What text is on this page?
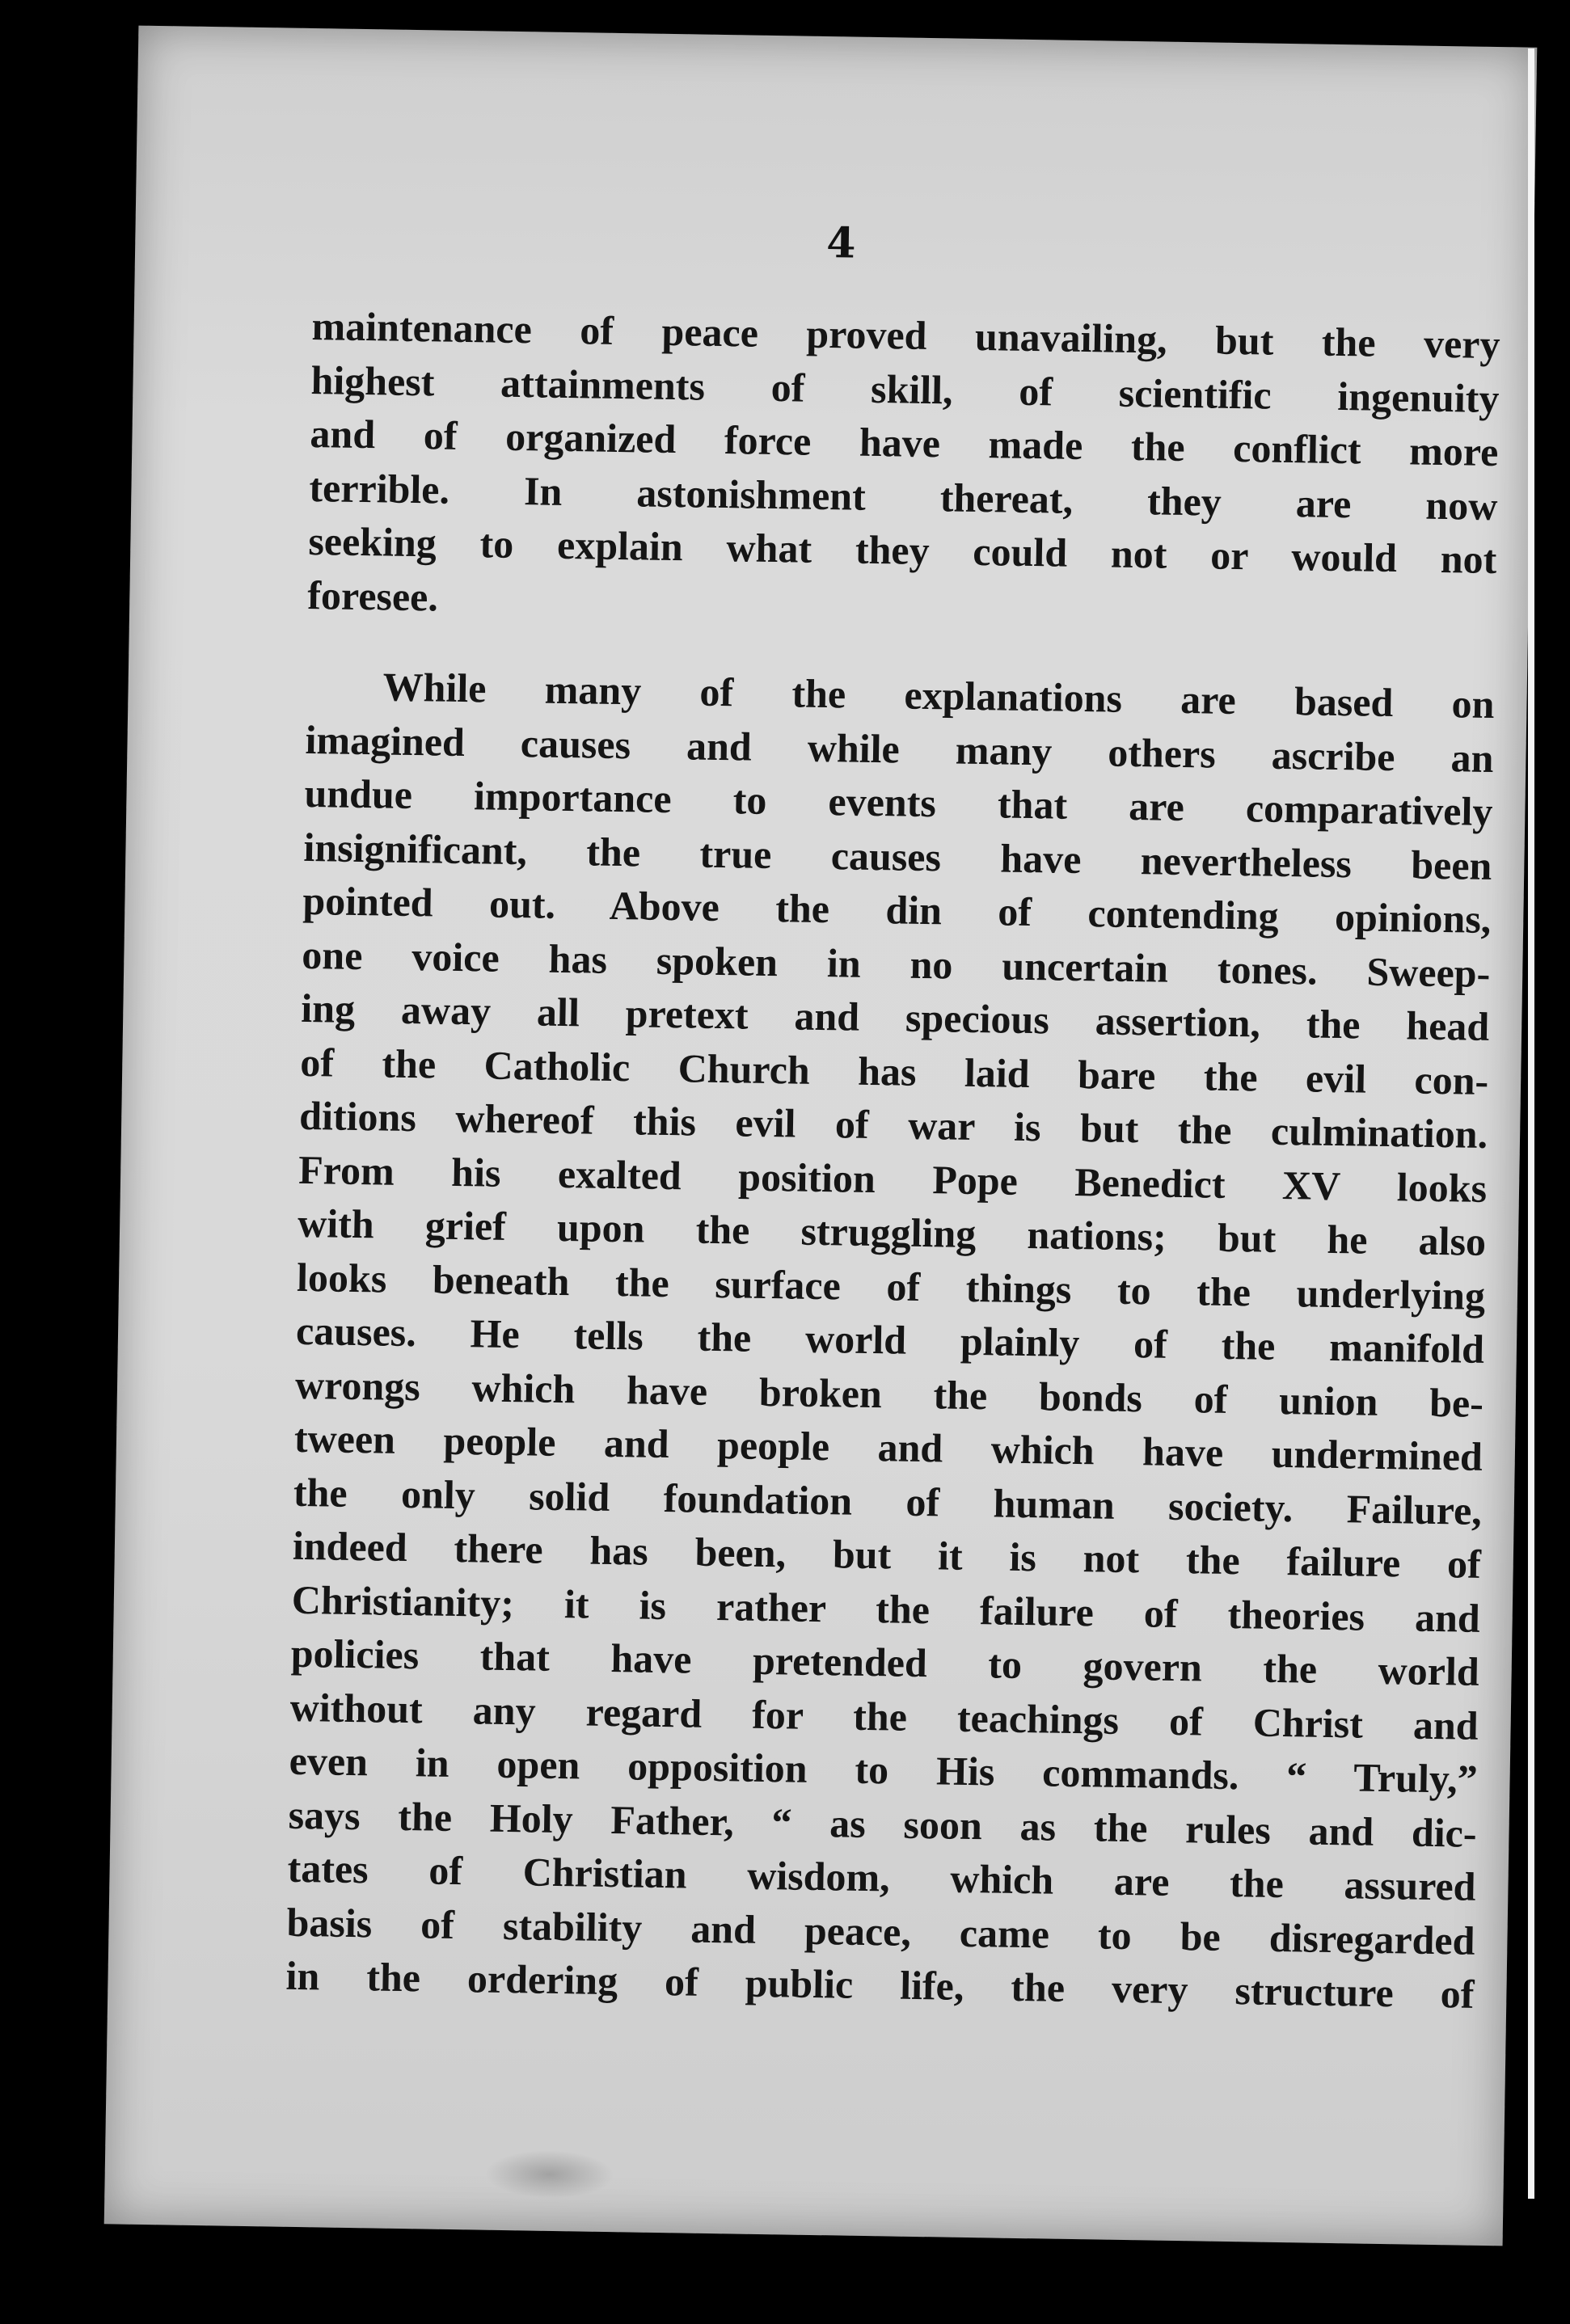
​
4
maintenance of peace proved unavailing, but the very
highest attainments of skill, of scientific ingenuity
and of organized force have made the conflict more
terrible. In astonishment thereat, they are now
seeking to explain what they could not or would not
foresee.
While many of the explanations are based on
imagined causes and while many others ascribe an
undue importance to events that are comparatively
insignificant, the true causes have nevertheless been
pointed out. Above the din of contending opinions,
one voice has spoken in no uncertain tones. Sweep-
ing away all pretext and specious assertion, the head
of the Catholic Church has laid bare the evil con-
ditions whereof this evil of war is but the culmination.
From his exalted position Pope Benedict XV looks
with grief upon the struggling nations; but he also
looks beneath the surface of things to the underlying
causes. He tells the world plainly of the manifold
wrongs which have broken the bonds of union be-
tween people and people and which have undermined
the only solid foundation of human society. Failure,
indeed there has been, but it is not the failure of
Christianity; it is rather the failure of theories and
policies that have pretended to govern the world
without any regard for the teachings of Christ and
even in open opposition to His commands. “ Truly,”
says the Holy Father, “ as soon as the rules and dic-
tates of Christian wisdom, which are the assured
basis of stability and peace, came to be disregarded
in the ordering of public life, the very structure of
